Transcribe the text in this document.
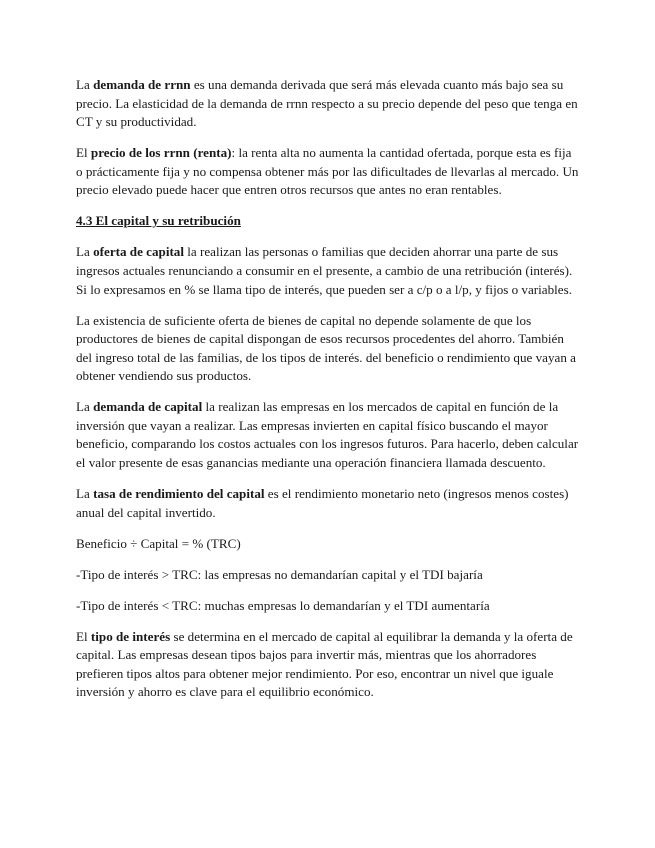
La demanda de rrnn es una demanda derivada que será más elevada cuanto más bajo sea su precio. La elasticidad de la demanda de rrnn respecto a su precio depende del peso que tenga en CT y su productividad.

El precio de los rrnn (renta): la renta alta no aumenta la cantidad ofertada, porque esta es fija o prácticamente fija y no compensa obtener más por las dificultades de llevarlas al mercado. Un precio elevado puede hacer que entren otros recursos que antes no eran rentables.

4.3 El capital y su retribución

La oferta de capital la realizan las personas o familias que deciden ahorrar una parte de sus ingresos actuales renunciando a consumir en el presente, a cambio de una retribución (interés). Si lo expresamos en % se llama tipo de interés, que pueden ser a c/p o a l/p, y fijos o variables.

La existencia de suficiente oferta de bienes de capital no depende solamente de que los productores de bienes de capital dispongan de esos recursos procedentes del ahorro. También del ingreso total de las familias, de los tipos de interés. del beneficio o rendimiento que vayan a obtener vendiendo sus productos.

La demanda de capital la realizan las empresas en los mercados de capital en función de la inversión que vayan a realizar. Las empresas invierten en capital físico buscando el mayor beneficio, comparando los costos actuales con los ingresos futuros. Para hacerlo, deben calcular el valor presente de esas ganancias mediante una operación financiera llamada descuento.

La tasa de rendimiento del capital es el rendimiento monetario neto (ingresos menos costes) anual del capital invertido.

Beneficio ÷ Capital = % (TRC)

-Tipo de interés > TRC: las empresas no demandarían capital y el TDI bajaría

-Tipo de interés < TRC: muchas empresas lo demandarían y el TDI aumentaría

El tipo de interés se determina en el mercado de capital al equilibrar la demanda y la oferta de capital. Las empresas desean tipos bajos para invertir más, mientras que los ahorradores prefieren tipos altos para obtener mejor rendimiento. Por eso, encontrar un nivel que iguale inversión y ahorro es clave para el equilibrio económico.
